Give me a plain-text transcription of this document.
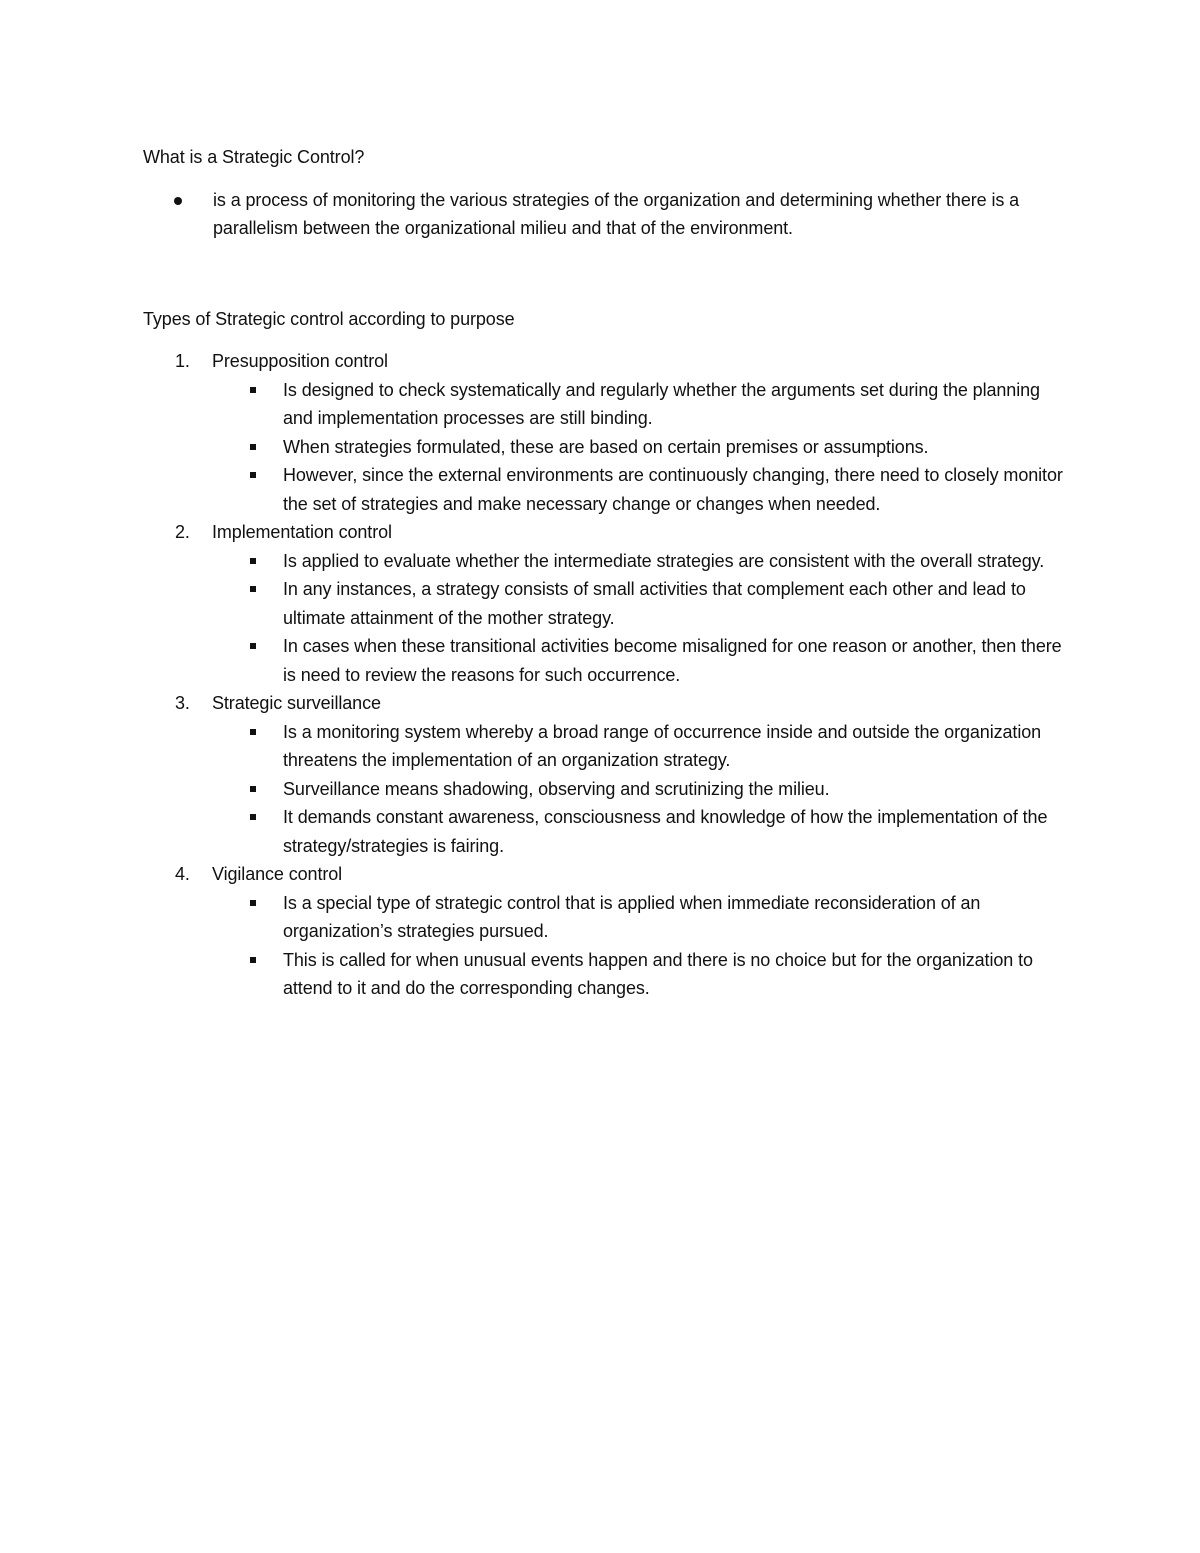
What is a Strategic Control?

is a process of monitoring the various strategies of the organization and determining whether there is a parallelism between the organizational milieu and that of the environment.

Types of Strategic control according to purpose

1. Presupposition control
Is designed to check systematically and regularly whether the arguments set during the planning and implementation processes are still binding.
When strategies formulated, these are based on certain premises or assumptions.
However, since the external environments are continuously changing, there need to closely monitor the set of strategies and make necessary change or changes when needed.
2. Implementation control
Is applied to evaluate whether the intermediate strategies are consistent with the overall strategy.
In any instances, a strategy consists of small activities that complement each other and lead to ultimate attainment of the mother strategy.
In cases when these transitional activities become misaligned for one reason or another, then there is need to review the reasons for such occurrence.
3. Strategic surveillance
Is a monitoring system whereby a broad range of occurrence inside and outside the organization threatens the implementation of an organization strategy.
Surveillance means shadowing, observing and scrutinizing the milieu.
It demands constant awareness, consciousness and knowledge of how the implementation of the strategy/strategies is fairing.
4. Vigilance control
Is a special type of strategic control that is applied when immediate reconsideration of an organization’s strategies pursued.
This is called for when unusual events happen and there is no choice but for the organization to attend to it and do the corresponding changes.
